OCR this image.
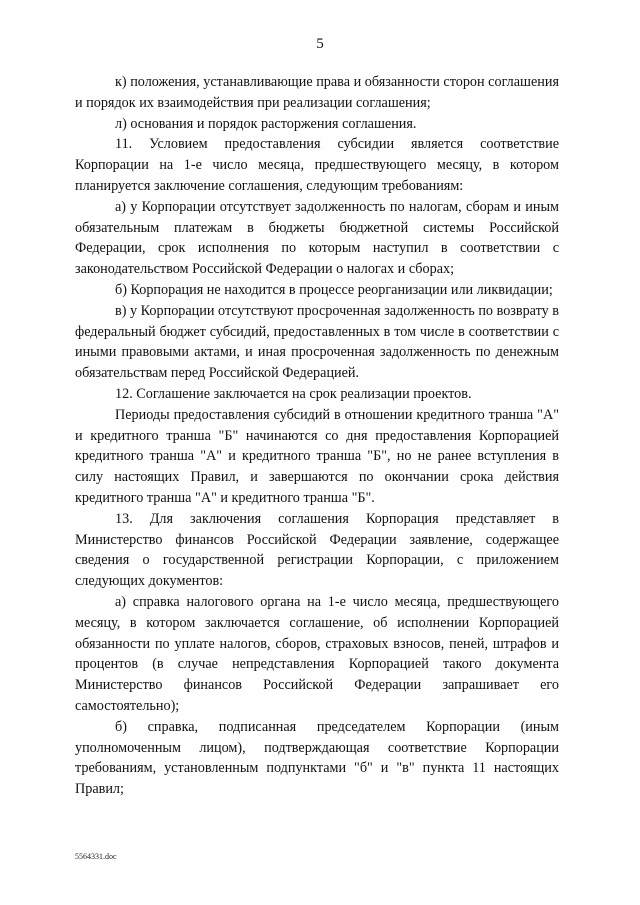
5

к) положения, устанавливающие права и обязанности сторон соглашения и порядок их взаимодействия при реализации соглашения;

л) основания и порядок расторжения соглашения.

11. Условием предоставления субсидии является соответствие Корпорации на 1-е число месяца, предшествующего месяцу, в котором планируется заключение соглашения, следующим требованиям:

а) у Корпорации отсутствует задолженность по налогам, сборам и иным обязательным платежам в бюджеты бюджетной системы Российской Федерации, срок исполнения по которым наступил в соответствии с законодательством Российской Федерации о налогах и сборах;

б) Корпорация не находится в процессе реорганизации или ликвидации;

в) у Корпорации отсутствуют просроченная задолженность по возврату в федеральный бюджет субсидий, предоставленных в том числе в соответствии с иными правовыми актами, и иная просроченная задолженность по денежным обязательствам перед Российской Федерацией.

12. Соглашение заключается на срок реализации проектов.

Периоды предоставления субсидий в отношении кредитного транша "А" и кредитного транша "Б" начинаются со дня предоставления Корпорацией кредитного транша "А" и кредитного транша "Б", но не ранее вступления в силу настоящих Правил, и завершаются по окончании срока действия кредитного транша "А" и кредитного транша "Б".

13. Для заключения соглашения Корпорация представляет в Министерство финансов Российской Федерации заявление, содержащее сведения о государственной регистрации Корпорации, с приложением следующих документов:

а) справка налогового органа на 1-е число месяца, предшествующего месяцу, в котором заключается соглашение, об исполнении Корпорацией обязанности по уплате налогов, сборов, страховых взносов, пеней, штрафов и процентов (в случае непредставления Корпорацией такого документа Министерство финансов Российской Федерации запрашивает его самостоятельно);

б) справка, подписанная председателем Корпорации (иным уполномоченным лицом), подтверждающая соответствие Корпорации требованиям, установленным подпунктами "б" и "в" пункта 11 настоящих Правил;

5564331.doc
